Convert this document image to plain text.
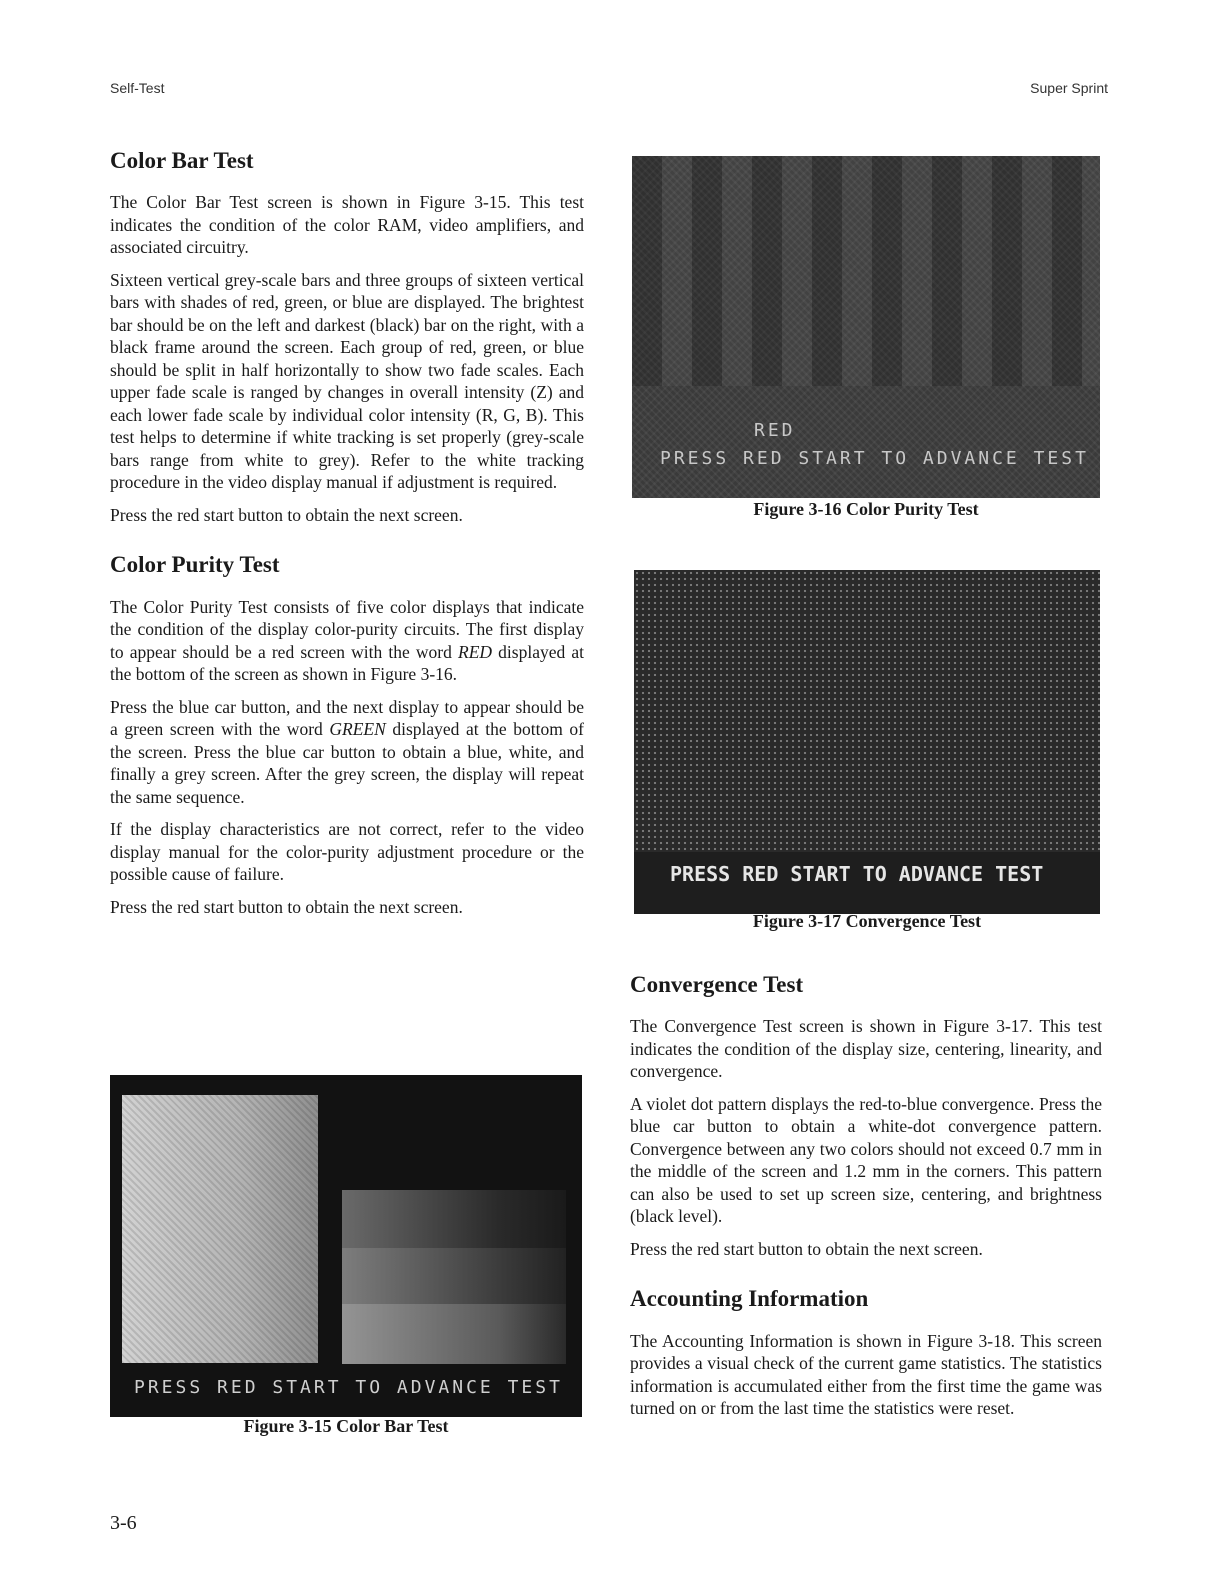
Self-Test	Super Sprint
Color Bar Test

The Color Bar Test screen is shown in Figure 3-15. This test indicates the condition of the color RAM, video amplifiers, and associated circuitry.

Sixteen vertical grey-scale bars and three groups of sixteen vertical bars with shades of red, green, or blue are displayed. The brightest bar should be on the left and darkest (black) bar on the right, with a black frame around the screen. Each group of red, green, or blue should be split in half horizontally to show two fade scales. Each upper fade scale is ranged by changes in overall intensity (Z) and each lower fade scale by individual color intensity (R, G, B). This test helps to determine if white tracking is set properly (grey-scale bars range from white to grey). Refer to the white tracking procedure in the video display manual if adjustment is required.

Press the red start button to obtain the next screen.

Color Purity Test

The Color Purity Test consists of five color displays that indicate the condition of the display color-purity circuits. The first display to appear should be a red screen with the word RED displayed at the bottom of the screen as shown in Figure 3-16.

Press the blue car button, and the next display to appear should be a green screen with the word GREEN displayed at the bottom of the screen. Press the blue car button to obtain a blue, white, and finally a grey screen. After the grey screen, the display will repeat the same sequence.

If the display characteristics are not correct, refer to the video display manual for the color-purity adjustment procedure or the possible cause of failure.

Press the red start button to obtain the next screen.

RED
PRESS RED START TO ADVANCE TEST
Figure 3-16 Color Purity Test
PRESS RED START TO ADVANCE TEST
Figure 3-17 Convergence Test
Convergence Test

The Convergence Test screen is shown in Figure 3-17. This test indicates the condition of the display size, centering, linearity, and convergence.

A violet dot pattern displays the red-to-blue convergence. Press the blue car button to obtain a white-dot convergence pattern. Convergence between any two colors should not exceed 0.7 mm in the middle of the screen and 1.2 mm in the corners. This pattern can also be used to set up screen size, centering, and brightness (black level).

Press the red start button to obtain the next screen.

Accounting Information

The Accounting Information is shown in Figure 3-18. This screen provides a visual check of the current game statistics. The statistics information is accumulated either from the first time the game was turned on or from the last time the statistics were reset.

PRESS RED START TO ADVANCE TEST
Figure 3-15 Color Bar Test
3-6
